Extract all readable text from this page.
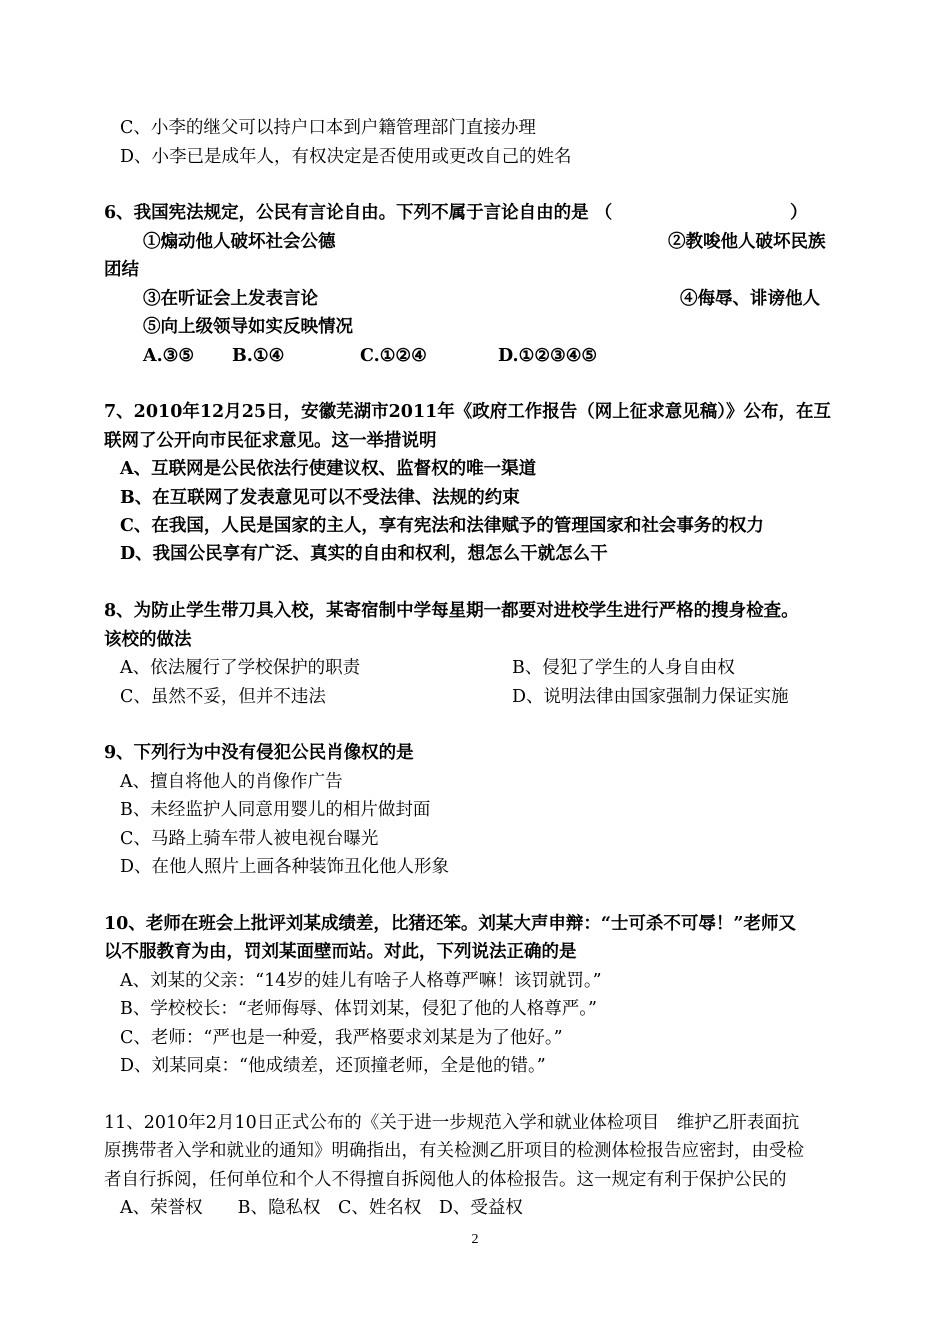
C、小李的继父可以持户口本到户籍管理部门直接办理
D、小李已是成年人，有权决定是否使用或更改自己的姓名
6、我国宪法规定，公民有言论自由。下列不属于言论自由的是 （	）
①煽动他人破坏社会公德	②教唆他人破坏民族
团结
③在听证会上发表言论	④侮辱、诽谤他人
⑤向上级领导如实反映情况
A.③⑤ B.①④	C.①②④	D.①②③④⑤
7、2010年12月25日，安徽芜湖市2011年《政府工作报告（网上征求意见稿）》公布，在互
联网了公开向市民征求意见。这一举措说明
A、互联网是公民依法行使建议权、监督权的唯一渠道
B、在互联网了发表意见可以不受法律、法规的约束
C、在我国，人民是国家的主人，享有宪法和法律赋予的管理国家和社会事务的权力
D、我国公民享有广泛、真实的自由和权利，想怎么干就怎么干
8、为防止学生带刀具入校，某寄宿制中学每星期一都要对进校学生进行严格的搜身检查。
该校的做法
A、依法履行了学校保护的职责	B、侵犯了学生的人身自由权
C、虽然不妥，但并不违法	D、说明法律由国家强制力保证实施
9、下列行为中没有侵犯公民肖像权的是
A、擅自将他人的肖像作广告
B、未经监护人同意用婴儿的相片做封面
C、马路上骑车带人被电视台曝光
D、在他人照片上画各种装饰丑化他人形象
10、老师在班会上批评刘某成绩差，比猪还笨。刘某大声申辩：“士可杀不可辱！”老师又
以不服教育为由，罚刘某面壁而站。对此，下列说法正确的是
A、刘某的父亲：“14岁的娃儿有啥子人格尊严嘛！该罚就罚。”
B、学校校长：“老师侮辱、体罚刘某，侵犯了他的人格尊严。”
C、老师：“严也是一种爱，我严格要求刘某是为了他好。”
D、刘某同桌：“他成绩差，还顶撞老师，全是他的错。”
11、2010年2月10日正式公布的《关于进一步规范入学和就业体检项目　维护乙肝表面抗
原携带者入学和就业的通知》明确指出，有关检测乙肝项目的检测体检报告应密封，由受检
者自行拆阅，任何单位和个人不得擅自拆阅他人的体检报告。这一规定有利于保护公民的
A、荣誉权　　B、隐私权　C、姓名权　D、受益权
2
